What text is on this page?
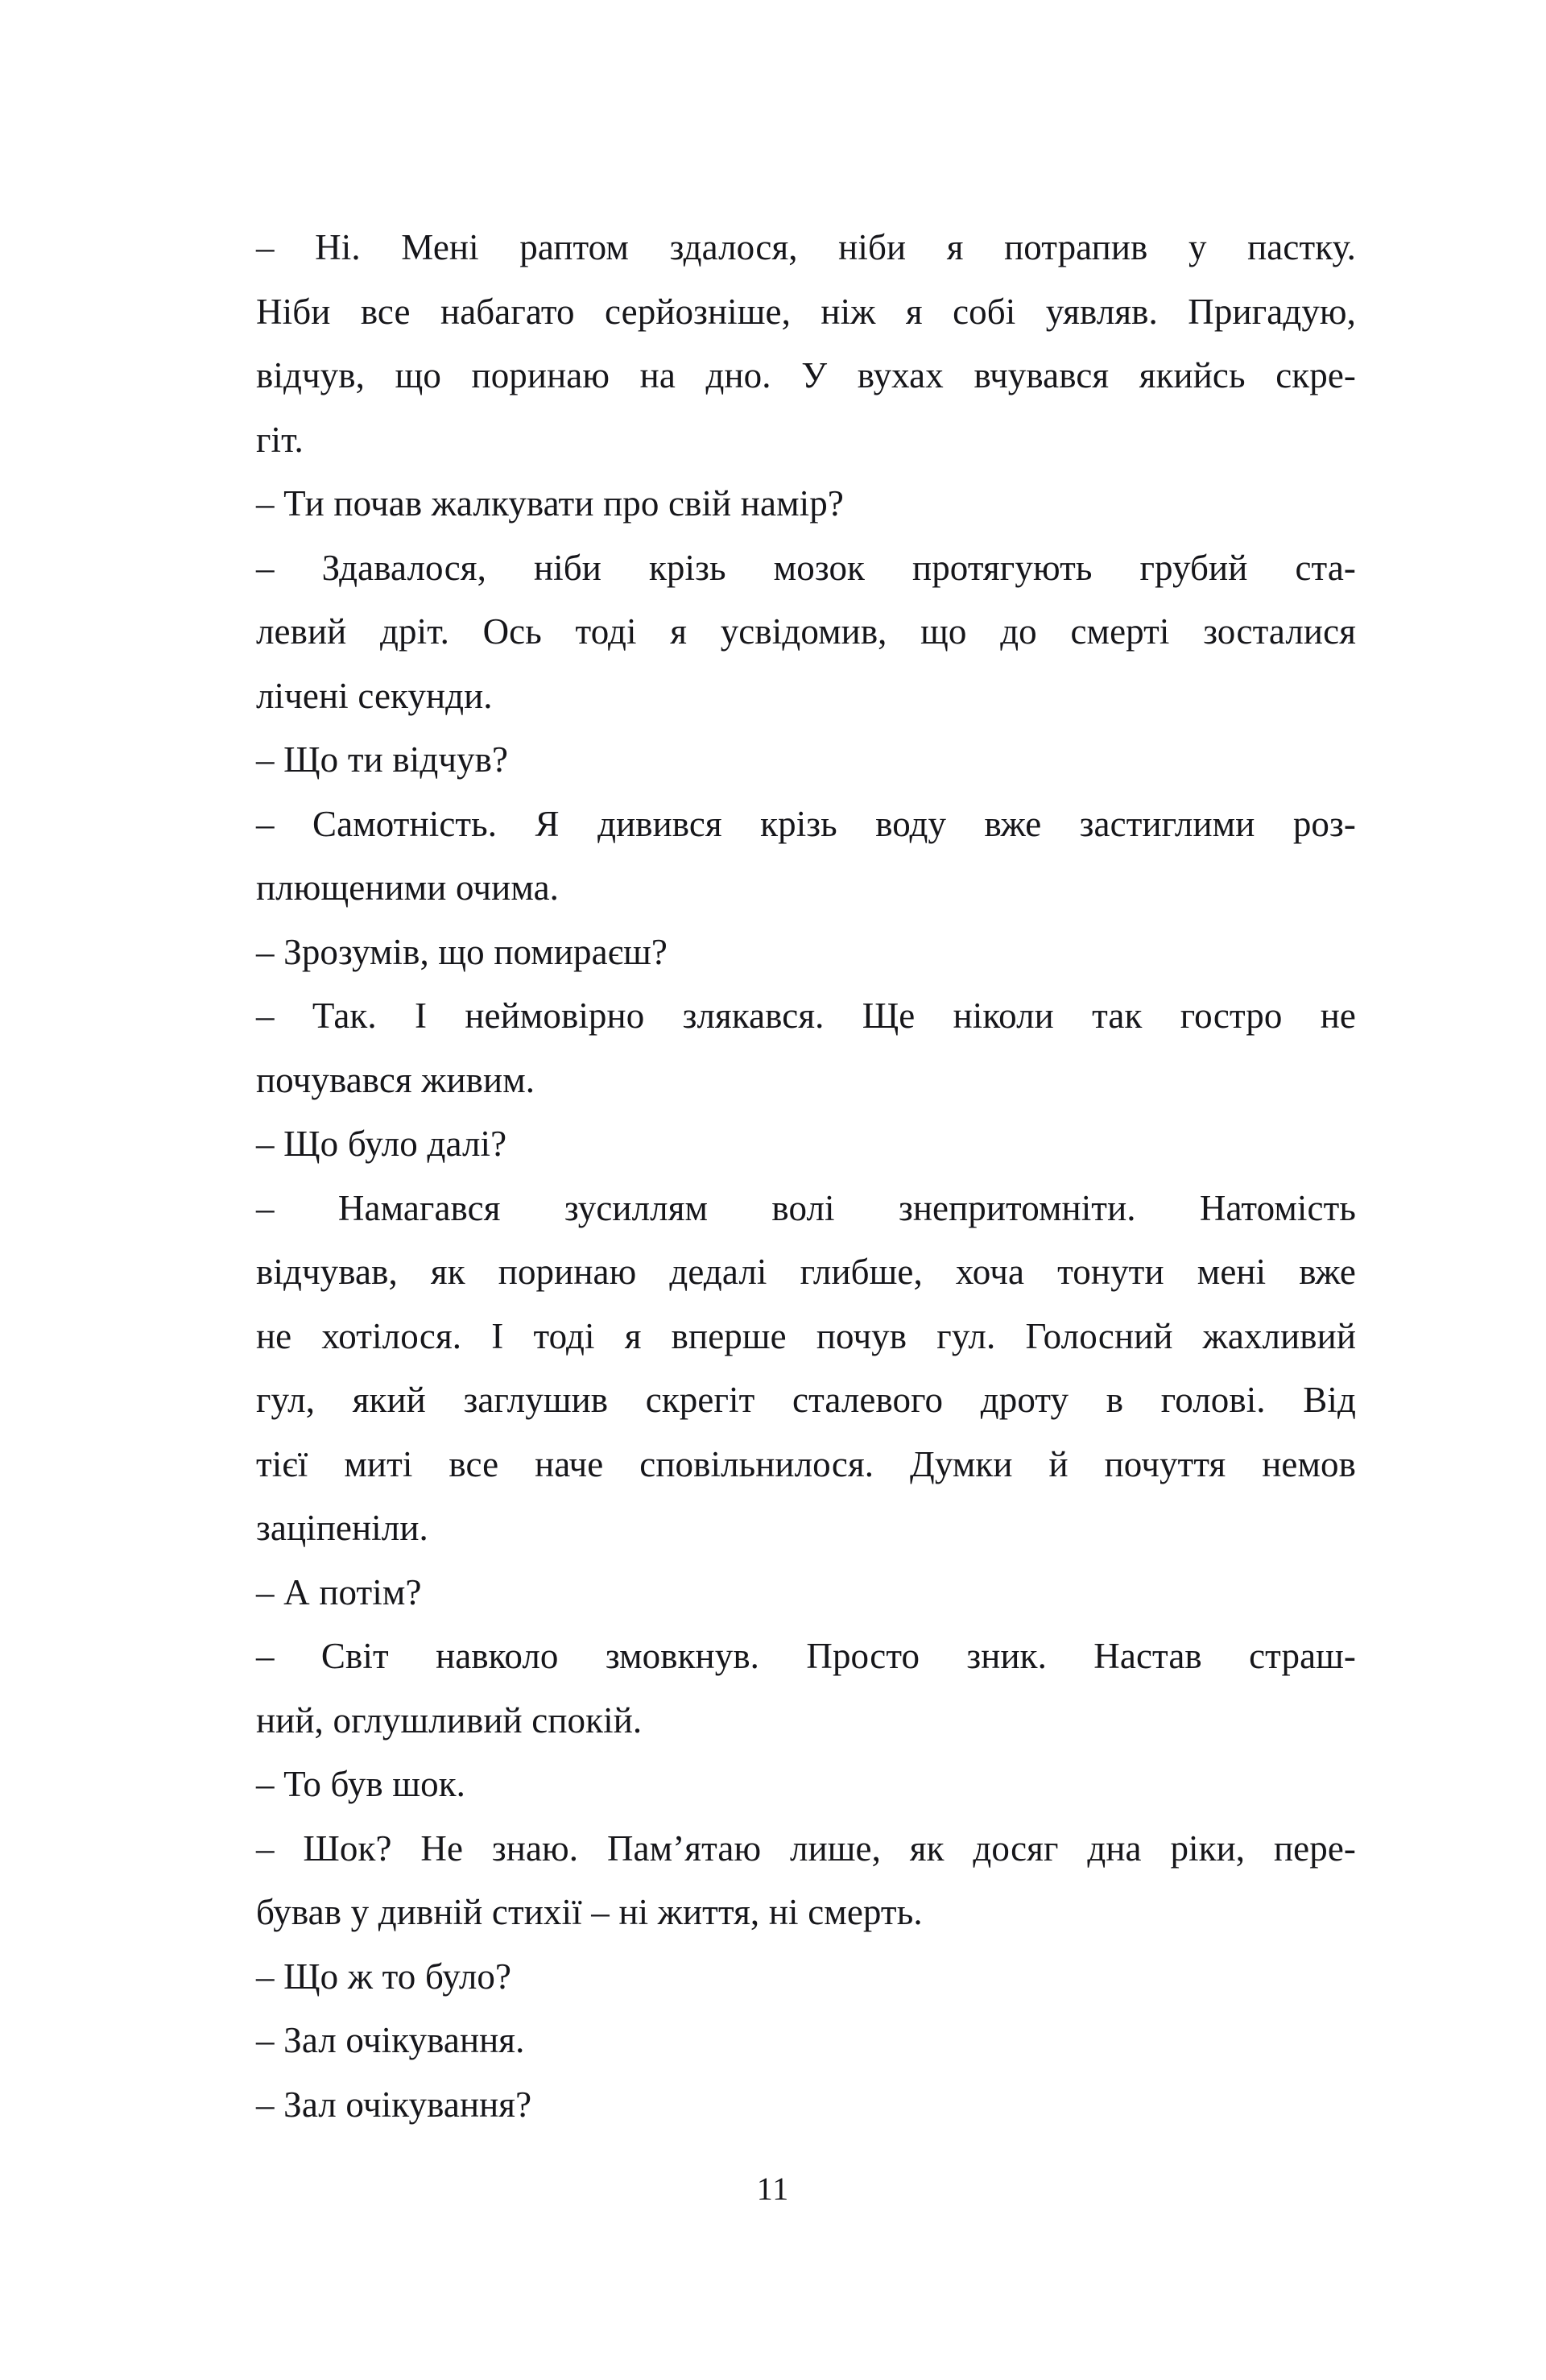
– Ні. Мені раптом здалося, ніби я потрапив у пастку.
Ніби все набагато серйозніше, ніж я собі уявляв. Пригадую,
відчув, що поринаю на дно. У вухах вчувався якийсь скре-
гіт.

– Ти почав жалкувати про свій намір?

– Здавалося, ніби крізь мозок протягують грубий ста-
левий дріт. Ось тоді я усвідомив, що до смерті зосталися
лічені секунди.

– Що ти відчув?

– Самотність. Я дивився крізь воду вже застиглими роз-
плющеними очима.

– Зрозумів, що помираєш?

– Так. І неймовірно злякався. Ще ніколи так гостро не
почувався живим.

– Що було далі?

– Намагався зусиллям волі знепритомніти. Натомість
відчував, як поринаю дедалі глибше, хоча тонути мені вже
не хотілося. І тоді я вперше почув гул. Голосний жахливий
гул, який заглушив скрегіт сталевого дроту в голові. Від
тієї миті все наче сповільнилося. Думки й почуття немов
заціпеніли.

– А потім?

– Світ навколо змовкнув. Просто зник. Настав страш-
ний, оглушливий спокій.

– То був шок.

– Шок? Не знаю. Пам’ятаю лише, як досяг дна ріки, пере-
бував у дивній стихії – ні життя, ні смерть.

– Що ж то було?

– Зал очікування.

– Зал очікування?

11
